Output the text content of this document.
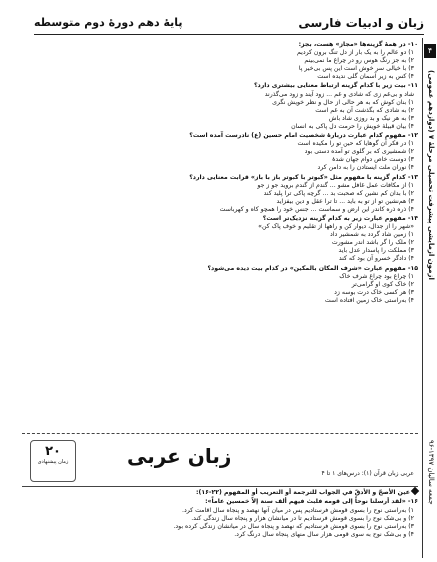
زبان و ادبیات فارسی
پایهٔ دهم دورهٔ دوم متوسطه
۴
آزمون آزمایشی پیشرفت تحصیلی مرحلهٔ ۷ (دوازدهم عمومی)
۹۶-۱۳۹۷ جمعه سالیان
۱۰- در همهٔ گزینه‌ها «مجاز» هست، بجز:
۱) دو عالم را به یک بار از دل تنگ برون کردیم
۲) به جز رنگ هوس رو در چراغ ما نمی‌بینم
۳) با خیالی سر خوش است این پس بی‌خیر پا
۴) کس به زیر آسمان گلی ندیده است
۱۱- بیت زیر با کدام گزینه ارتباط معنایی بیشتری دارد؟
شاد و بی‌غم زی که شادی و غم ... زود آیند و زود می‌گذرند
۱) بنان کوش که به هر حالی از حال و نظر خویش نگری
۲) به شادی که بگذشت آن به غم است
۳) به هر نیک و بد روزی شاد باش
۴) بیان قبیلهٔ خویش را حرمت دل پاکی به انسان
۱۲- مفهوم کدام عبارت دربارهٔ شخصیت امام حسین (ع) نادرست آمده است؟
۱) در فکر آن گوهایا که حین تو را مکیده است
۲) شمشیری که بر گلوی تو آمده دستی بود
۳) دوست خاص دوام جهان شدهٔ
۴) نوران ملت ایستادن را به دامن کرد
۱۳- کدام گزینه با مفهوم مثل «کبوتر با کبوتر باز با باز» قرابت معنایی دارد؟
۱) از مکافات عمل غافل مشو ... گندم از گندم بروید جو ز جو
۲) با بدان کم نشین که صحبت بد ... گرچه پاکی ترا پلید کند
۳) هم‌نشین تو از تو به باید ... تا ترا عقل و دین بیفزاید
۴) ذره ذره کاندر این ارض و سماست ... جنس خود را همچو کاه و کهرباست
۱۴- مفهوم عبارت زیر به کدام گزینه نزدیک‌تر است؟
«شهر را از جدال، دیوار کن و راهها از تقلیم و خوف پاک کن»
۱) زمین شاد گردد به شمشیر داد
۲) ملک را گر باشد اندر مشورت
۳) مملکت را پاسدار عدل باید
۴) دادگر خسرو آن بود که کند
۱۵- مفهوم عبارت «شرف المکان بالمکین» در کدام بیت دیده می‌شود؟
۱) چراغ بود چراغ شرف خاک
۲) خاک کوی او گرامی‌تر
۳) هر کسی خاک درت بوسه زد
۴) به‌راستی خاک زمین افتاده است
۲۰
زمان پیشنهادی	زبان عربی
عربی زبان قرآن (۱): درس‌های ۱ تا ۴
عین الأصحّ و الأدقّ في الجواب للترجمة أو التعریب أو المفهوم (۲۲-۱۶):
۱۶- «لقد أرسلنا نوحاً إلی قومه فلبث فیهم ألف سنة إلاّ خمسین عاماً»:
۱) به‌راستی نوح را بسوی قومش فرستادیم پس در میان آنها نهصد و پنجاه سال اقامت کرد.
۲) و بی‌شک نوح را بسوی قومش فرستادیم تا در میانشان هزار و پنجاه سال زندگی کند.
۳) به‌راستی نوح را بسوی قومش فرستادیم که نهصد و پنجاه سال در میانشان زندگی کرده بود.
۴) و بی‌شک نوح به سوی قومی هزار سال منهای پنجاه سال درنگ کرد.
